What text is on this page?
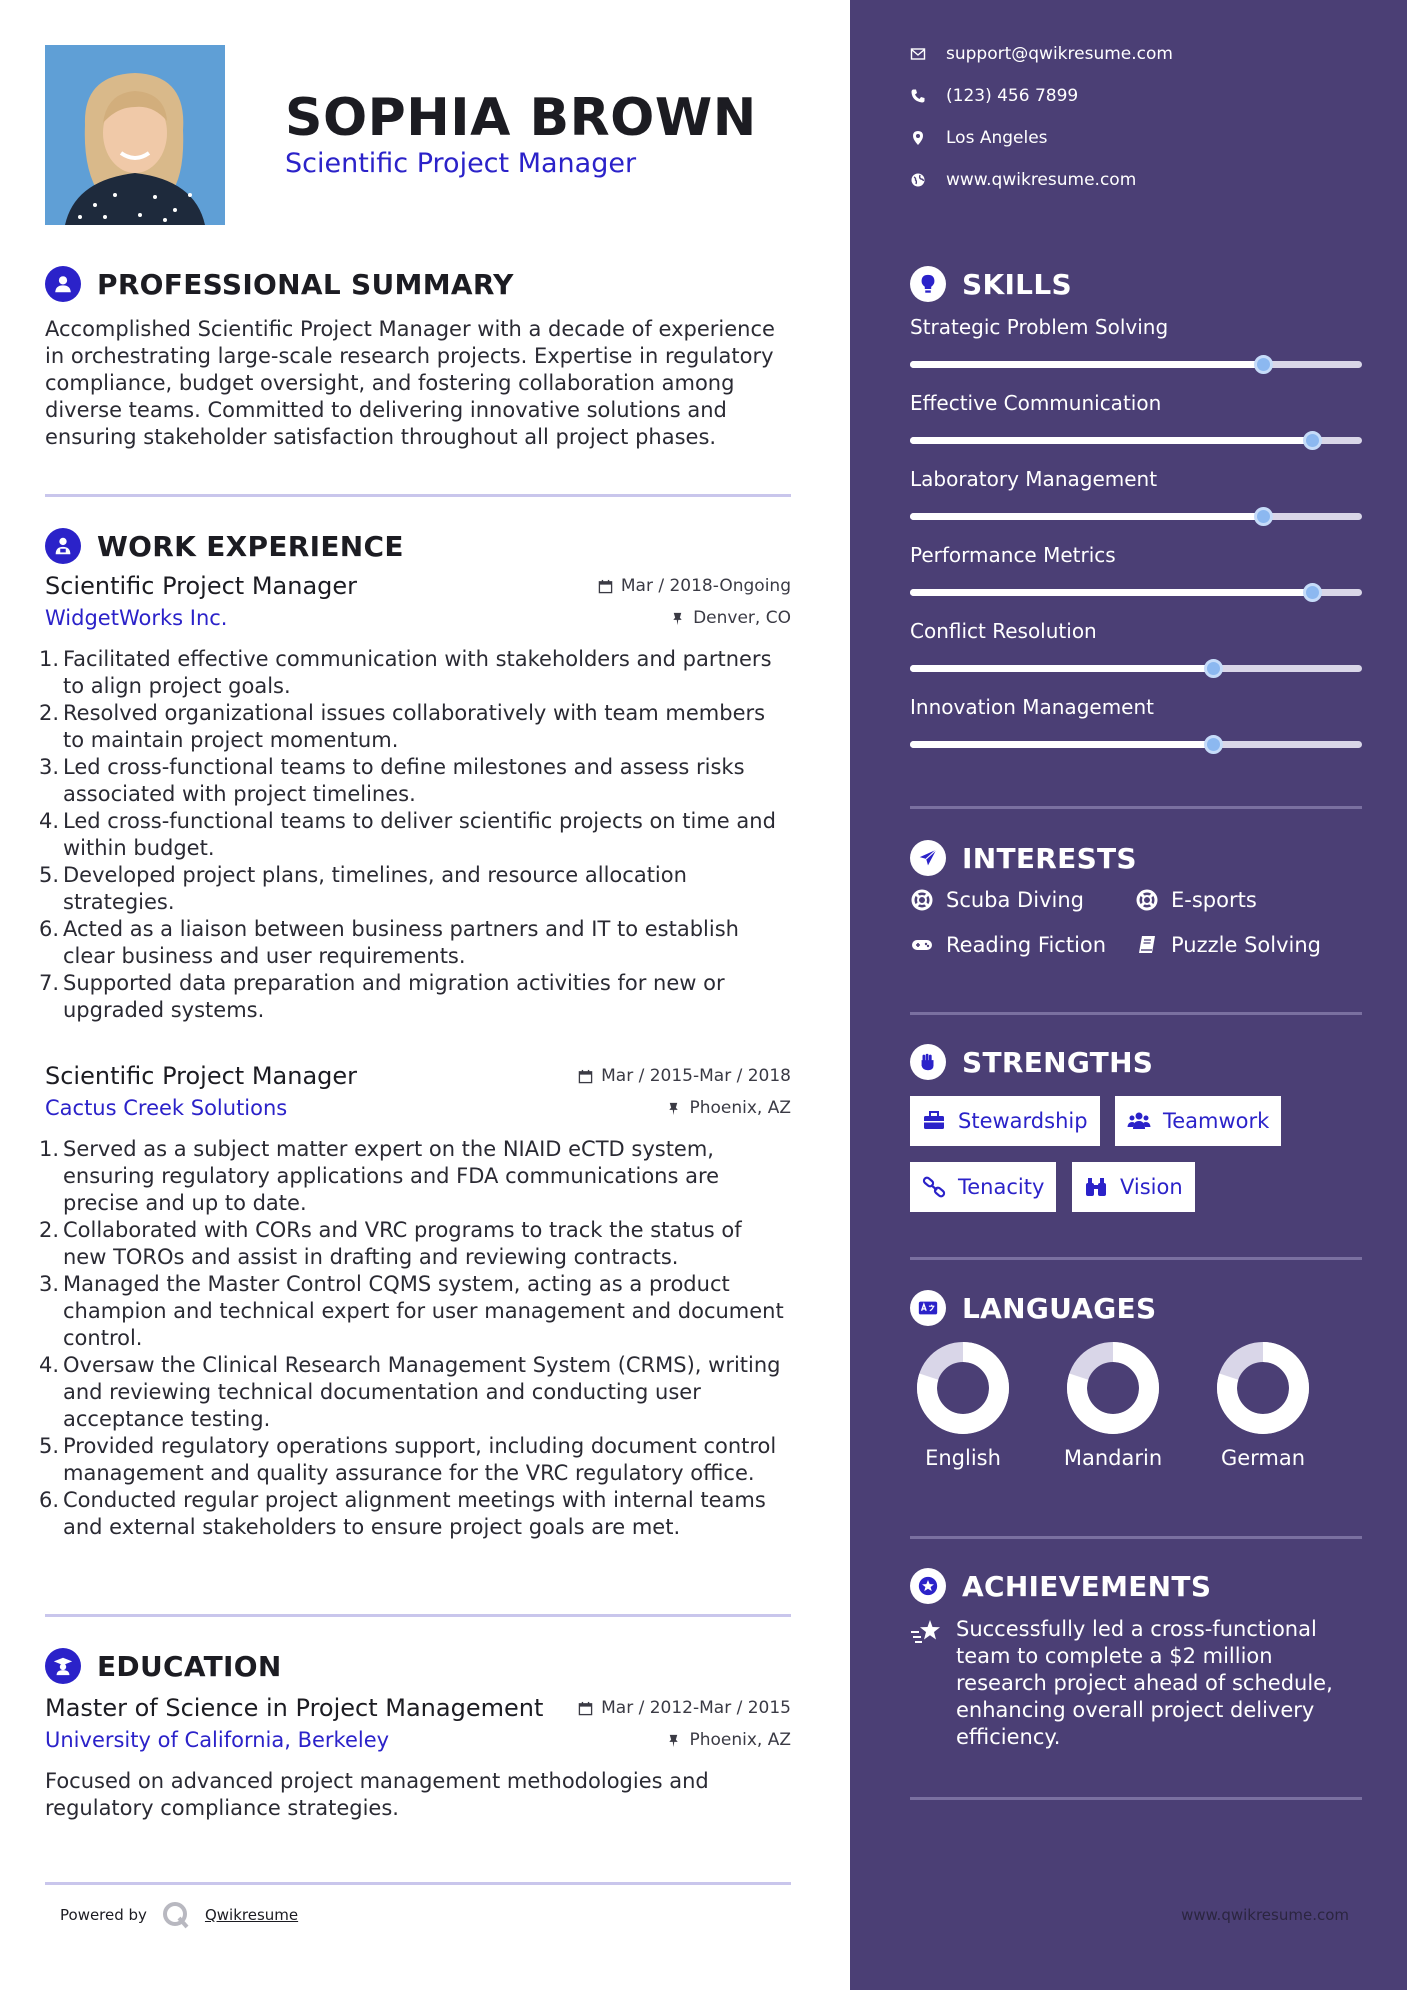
SOPHIA BROWN
Scientific Project Manager
PROFESSIONAL SUMMARY
Accomplished Scientific Project Manager with a decade of experience in orchestrating large-scale research projects. Expertise in regulatory compliance, budget oversight, and fostering collaboration among diverse teams. Committed to delivering innovative solutions and ensuring stakeholder satisfaction throughout all project phases.
WORK EXPERIENCE
Scientific Project Manager	Mar / 2018-Ongoing
WidgetWorks Inc.	Denver, CO
1. Facilitated effective communication with stakeholders and partners to align project goals.
2. Resolved organizational issues collaboratively with team members to maintain project momentum.
3. Led cross-functional teams to define milestones and assess risks associated with project timelines.
4. Led cross-functional teams to deliver scientific projects on time and within budget.
5. Developed project plans, timelines, and resource allocation strategies.
6. Acted as a liaison between business partners and IT to establish clear business and user requirements.
7. Supported data preparation and migration activities for new or upgraded systems.
Scientific Project Manager	Mar / 2015-Mar / 2018
Cactus Creek Solutions	Phoenix, AZ
1. Served as a subject matter expert on the NIAID eCTD system, ensuring regulatory applications and FDA communications are precise and up to date.
2. Collaborated with CORs and VRC programs to track the status of new TOROs and assist in drafting and reviewing contracts.
3. Managed the Master Control CQMS system, acting as a product champion and technical expert for user management and document control.
4. Oversaw the Clinical Research Management System (CRMS), writing and reviewing technical documentation and conducting user acceptance testing.
5. Provided regulatory operations support, including document control management and quality assurance for the VRC regulatory office.
6. Conducted regular project alignment meetings with internal teams and external stakeholders to ensure project goals are met.
EDUCATION
Master of Science in Project Management	Mar / 2012-Mar / 2015
University of California, Berkeley	Phoenix, AZ
Focused on advanced project management methodologies and regulatory compliance strategies.
Powered by	Qwikresume
support@qwikresume.com
(123) 456 7899
Los Angeles
www.qwikresume.com
SKILLS
Strategic Problem Solving
Effective Communication
Laboratory Management
Performance Metrics
Conflict Resolution
Innovation Management
INTERESTS
Scuba Diving	E-sports
Reading Fiction	Puzzle Solving
STRENGTHS
Stewardship	Teamwork
Tenacity	Vision
LANGUAGES
English	Mandarin	German
ACHIEVEMENTS
Successfully led a cross-functional team to complete a $2 million research project ahead of schedule, enhancing overall project delivery efficiency.
www.qwikresume.com
